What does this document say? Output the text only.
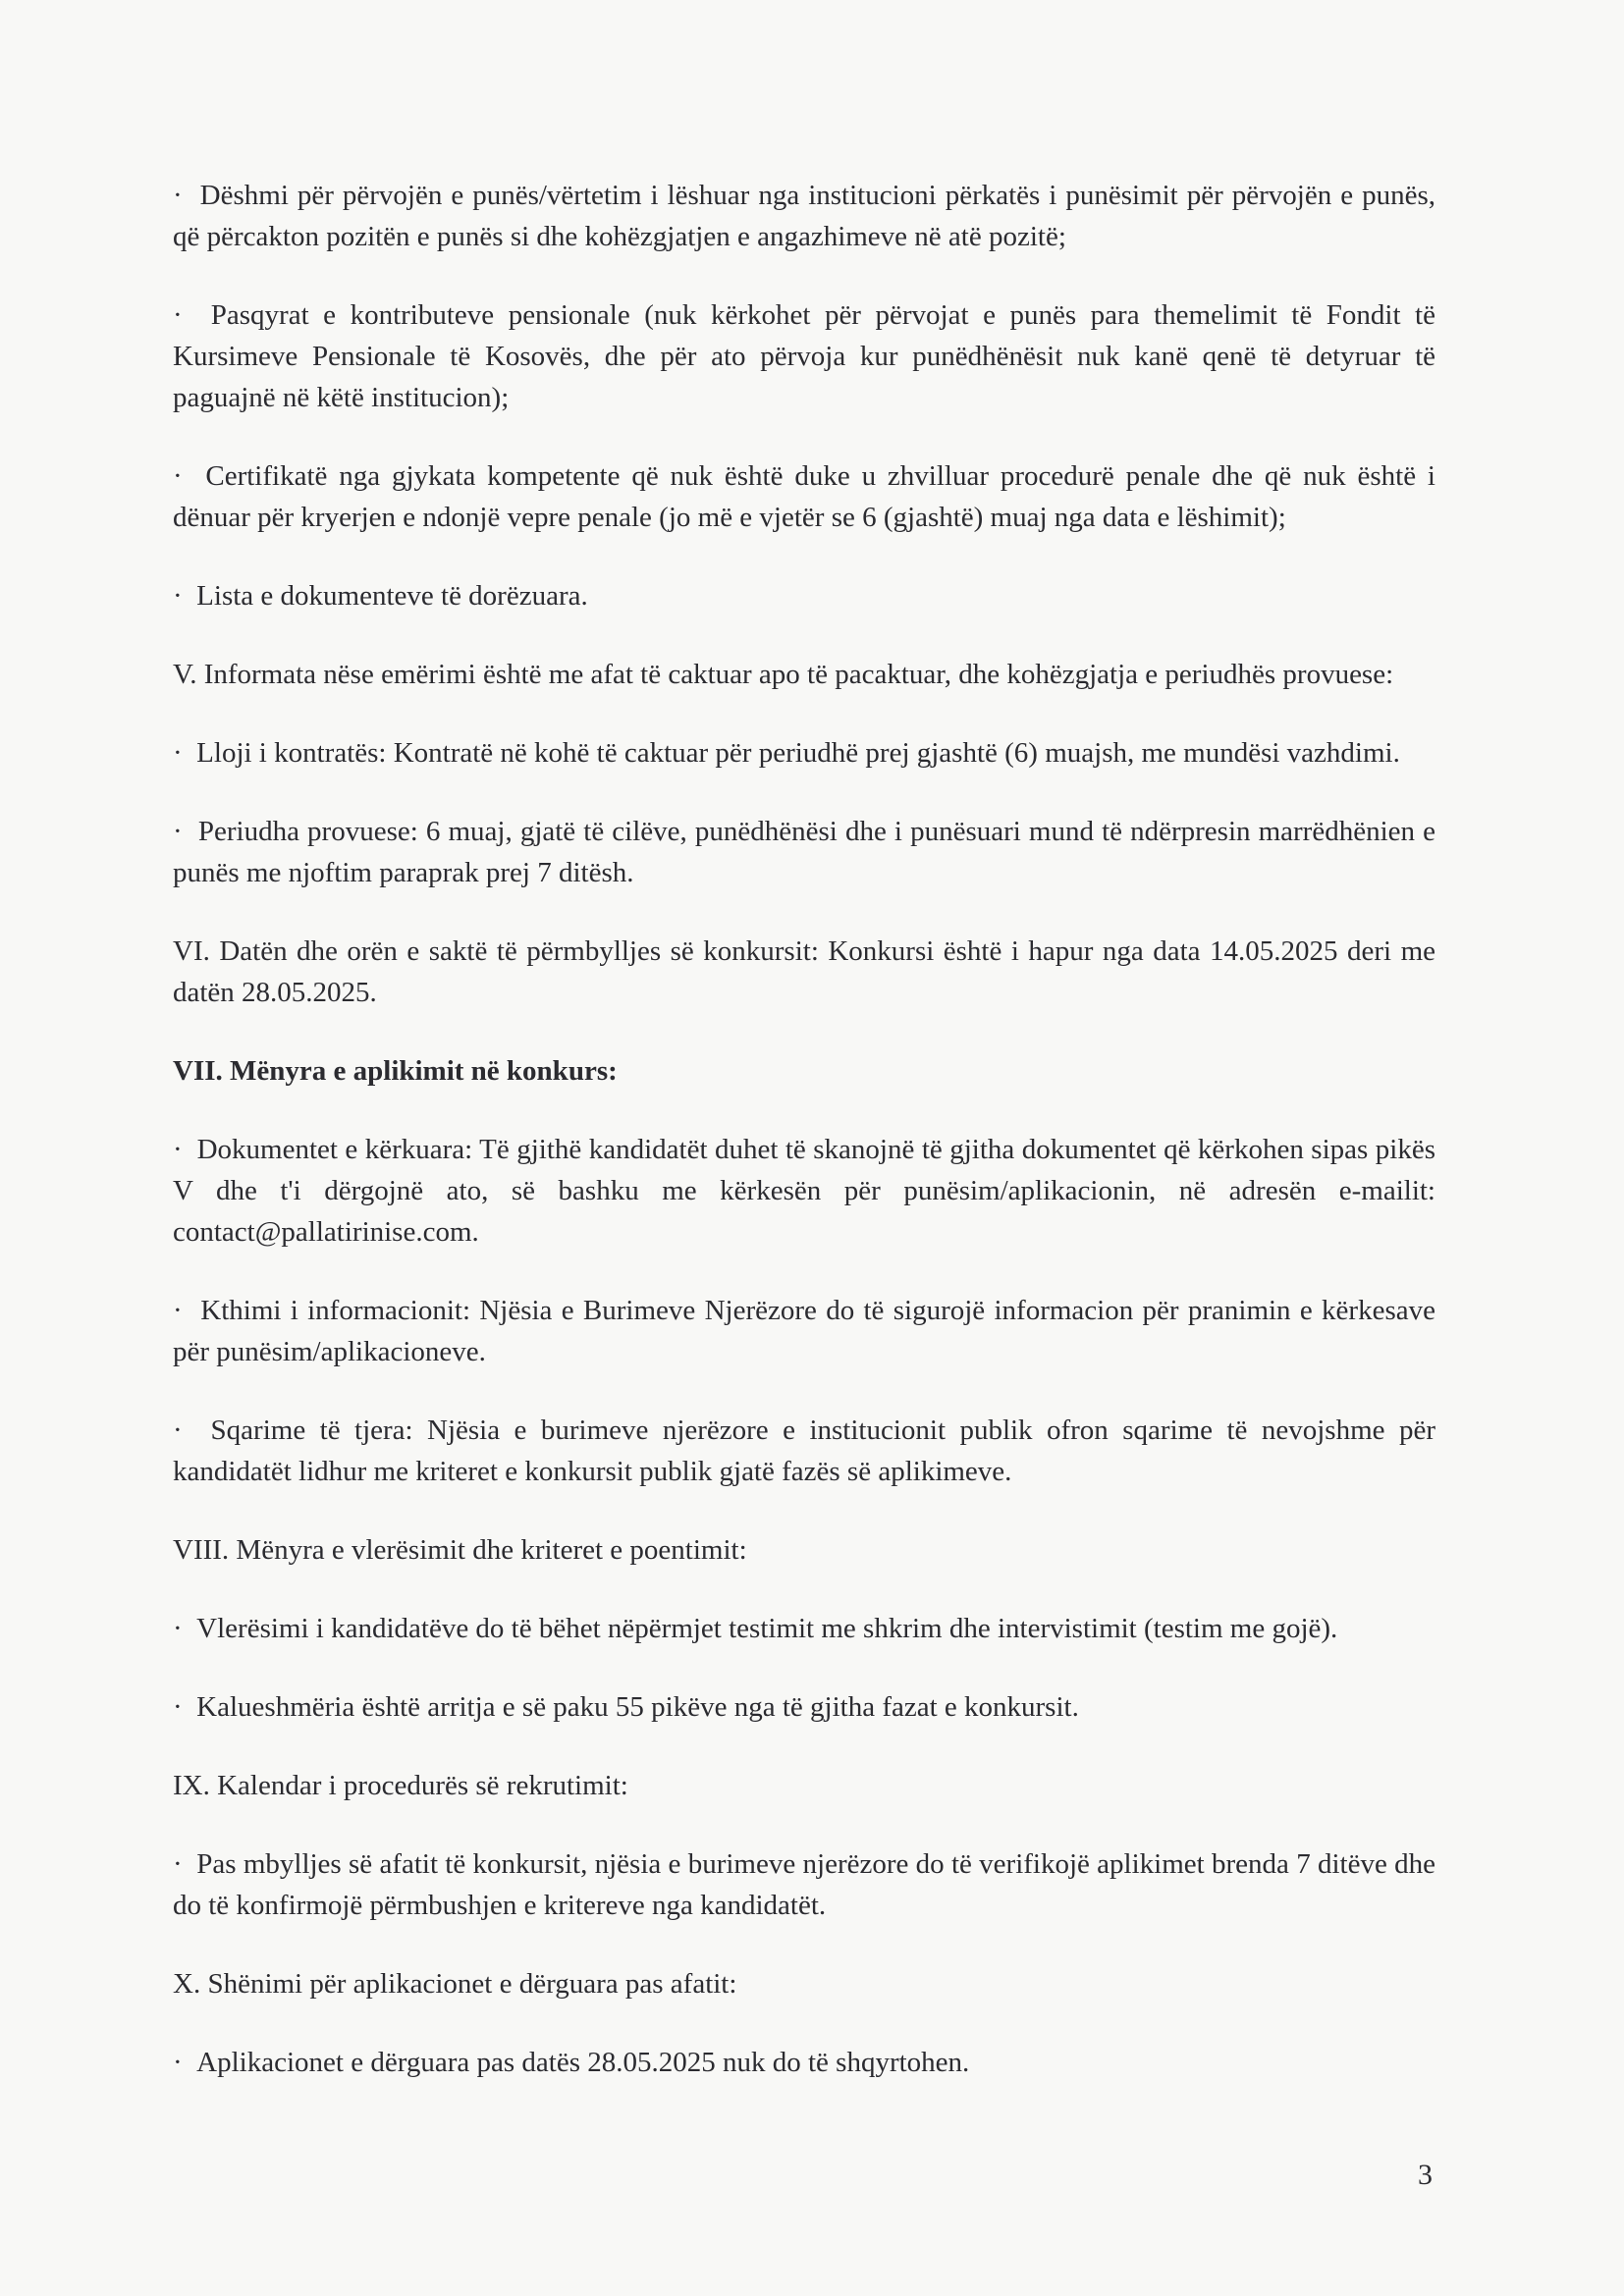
·  Dëshmi për përvojën e punës/vërtetim i lëshuar nga institucioni përkatës i punësimit për përvojën e punës, që përcakton pozitën e punës si dhe kohëzgjatjen e angazhimeve në atë pozitë;

·  Pasqyrat e kontributeve pensionale (nuk kërkohet për përvojat e punës para themelimit të Fondit të Kursimeve Pensionale të Kosovës, dhe për ato përvoja kur punëdhënësit nuk kanë qenë të detyruar të paguajnë në këtë institucion);

·  Certifikatë nga gjykata kompetente që nuk është duke u zhvilluar procedurë penale dhe që nuk është i dënuar për kryerjen e ndonjë vepre penale (jo më e vjetër se 6 (gjashtë) muaj nga data e lëshimit);

·  Lista e dokumenteve të dorëzuara.

V. Informata nëse emërimi është me afat të caktuar apo të pacaktuar, dhe kohëzgjatja e periudhës provuese:

·  Lloji i kontratës: Kontratë në kohë të caktuar për periudhë prej gjashtë (6) muajsh, me mundësi vazhdimi.

·  Periudha provuese: 6 muaj, gjatë të cilëve, punëdhënësi dhe i punësuari mund të ndërpresin marrëdhënien e punës me njoftim paraprak prej 7 ditësh.

VI. Datën dhe orën e saktë të përmbylljes së konkursit: Konkursi është i hapur nga data 14.05.2025 deri me datën 28.05.2025.

VII. Mënyra e aplikimit në konkurs:

·  Dokumentet e kërkuara: Të gjithë kandidatët duhet të skanojnë të gjitha dokumentet që kërkohen sipas pikës V dhe t'i dërgojnë ato, së bashku me kërkesën për punësim/aplikacionin, në adresën e-mailit: contact@pallatirinise.com.

·  Kthimi i informacionit: Njësia e Burimeve Njerëzore do të sigurojë informacion për pranimin e kërkesave për punësim/aplikacioneve.

·  Sqarime të tjera: Njësia e burimeve njerëzore e institucionit publik ofron sqarime të nevojshme për kandidatët lidhur me kriteret e konkursit publik gjatë fazës së aplikimeve.

VIII. Mënyra e vlerësimit dhe kriteret e poentimit:

·  Vlerësimi i kandidatëve do të bëhet nëpërmjet testimit me shkrim dhe intervistimit (testim me gojë).

·  Kalueshmëria është arritja e së paku 55 pikëve nga të gjitha fazat e konkursit.

IX. Kalendar i procedurës së rekrutimit:

·  Pas mbylljes së afatit të konkursit, njësia e burimeve njerëzore do të verifikojë aplikimet brenda 7 ditëve dhe do të konfirmojë përmbushjen e kritereve nga kandidatët.

X. Shënimi për aplikacionet e dërguara pas afatit:

·  Aplikacionet e dërguara pas datës 28.05.2025 nuk do të shqyrtohen.

3
